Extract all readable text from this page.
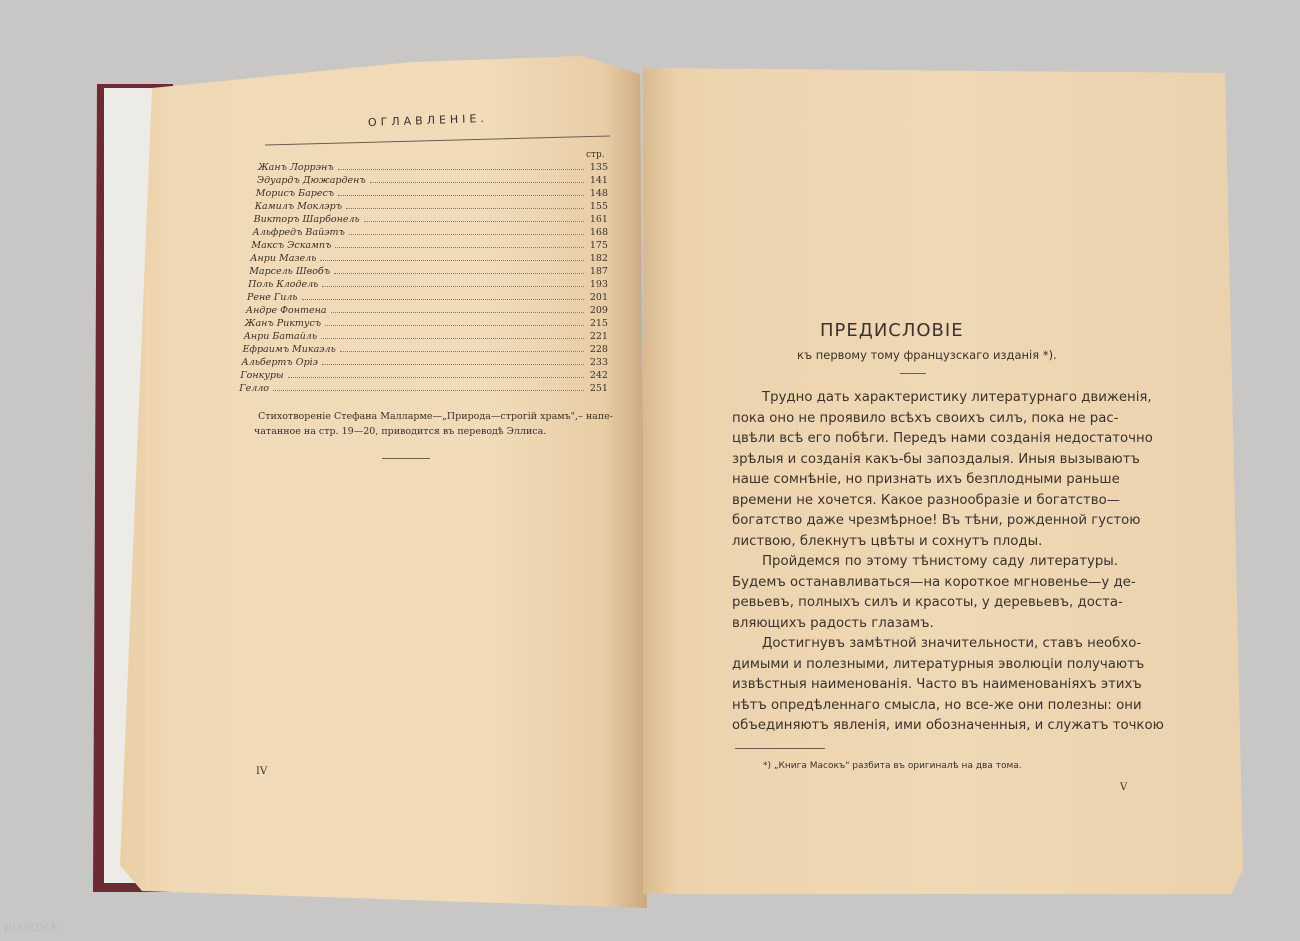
ОГЛАВЛЕНIЕ.
стр.
Жанъ Лоррэнъ	135
Эдуардъ Дюжарденъ	141
Морисъ Баресъ	148
Камилъ Моклэръ	155
Викторъ Шарбонель	161
Альфредъ Вайэтъ	168
Максъ Эскамnъ	175
Анри Мазель	182
Марсель Швобъ	187
Поль Клодель	193
Рене Гиль	201
Андре Фонтена	209
Жанъ Риктусъ	215
Анри Батайль	221
Ефраимъ Микаэль	228
Альбертъ Орiэ	233
Гонкуры	242
Гелло	251
Стихотворенiе Стефана Малларме—„Природа—строгiй храмъ",– напе-
чатанное на стр. 19—20, приводится въ переводѣ Эллиса.
IV
ПРЕДИСЛОВIЕ
къ первому тому французскаго изданiя *).
Трудно дать характеристику литературнаго движенiя,
пока оно не проявило всѣхъ своихъ силъ, пока не рас-
цвѣли всѣ его побѣги. Передъ нами созданiя недостаточно
зрѣлыя и созданiя какъ-бы запоздалыя. Иныя вызываютъ
наше сомнѣнiе, но признать ихъ безплодными раньше
времени не хочется. Какое разнообразiе и богатство—
богатство даже чрезмѣрное! Въ тѣни, рожденной густою
листвою, блекнутъ цвѣты и сохнутъ плоды.
Пройдемся по этому тѣнистому саду литературы.
Будемъ останавливаться—на короткое мгновенье—у де-
ревьевъ, полныхъ силъ и красоты, у деревьевъ, доста-
вляющихъ радость глазамъ.
Достигнувъ замѣтной значительности, ставъ необхо-
димыми и полезными, литературныя эволюцiи получаютъ
извѣстныя наименованiя. Часто въ наименованiяхъ этихъ
нѣтъ опредѣленнаго смысла, но все-же они полезны: они
объединяютъ явленiя, ими обозначенныя, и служатъ точкою
*) „Книга Масокъ" разбита въ оригиналѣ на два тома.
V
pixstock
